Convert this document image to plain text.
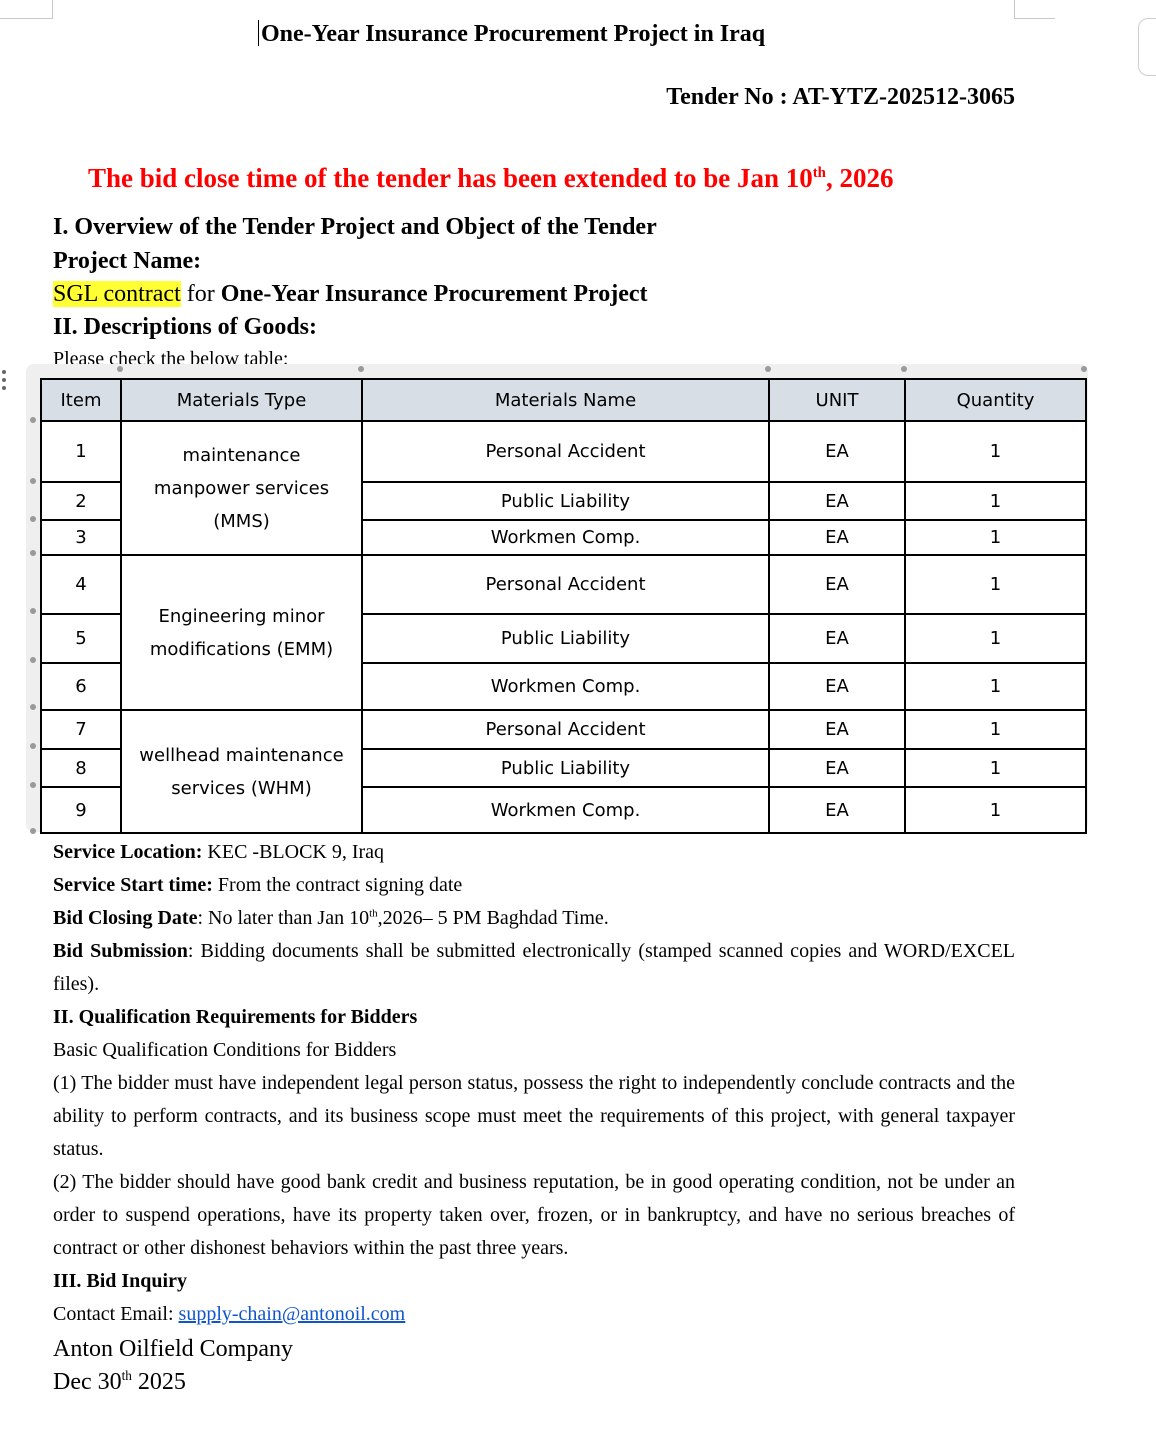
One-Year Insurance Procurement Project in Iraq
Tender No : AT-YTZ-202512-3065
The bid close time of the tender has been extended to be Jan 10th, 2026
I. Overview of the Tender Project and Object of the Tender
Project Name:
SGL contract for One-Year Insurance Procurement Project
II. Descriptions of Goods:
Please check the below table:
Item	Materials Type	Materials Name	UNIT	Quantity
1	maintenance
manpower services
(MMS)	Personal Accident	EA	1
2		Public Liability	EA	1
3		Workmen Comp.	EA	1
4	Engineering minor
modifications (EMM)	Personal Accident	EA	1
5		Public Liability	EA	1
6		Workmen Comp.	EA	1
7	wellhead maintenance
services (WHM)	Personal Accident	EA	1
8		Public Liability	EA	1
9		Workmen Comp.	EA	1

Service Location: KEC -BLOCK 9, Iraq

Service Start time: From the contract signing date

Bid Closing Date: No later than Jan 10th,2026– 5 PM Baghdad Time.

Bid Submission: Bidding documents shall be submitted electronically (stamped scanned copies and WORD/EXCEL files).

II. Qualification Requirements for Bidders

Basic Qualification Conditions for Bidders

(1) The bidder must have independent legal person status, possess the right to independently conclude contracts and the ability to perform contracts, and its business scope must meet the requirements of this project, with general taxpayer status.

(2) The bidder should have good bank credit and business reputation, be in good operating condition, not be under an order to suspend operations, have its property taken over, frozen, or in bankruptcy, and have no serious breaches of contract or other dishonest behaviors within the past three years.

III. Bid Inquiry

Contact Email: supply-chain@antonoil.com

Anton Oilfield Company
Dec 30th 2025
